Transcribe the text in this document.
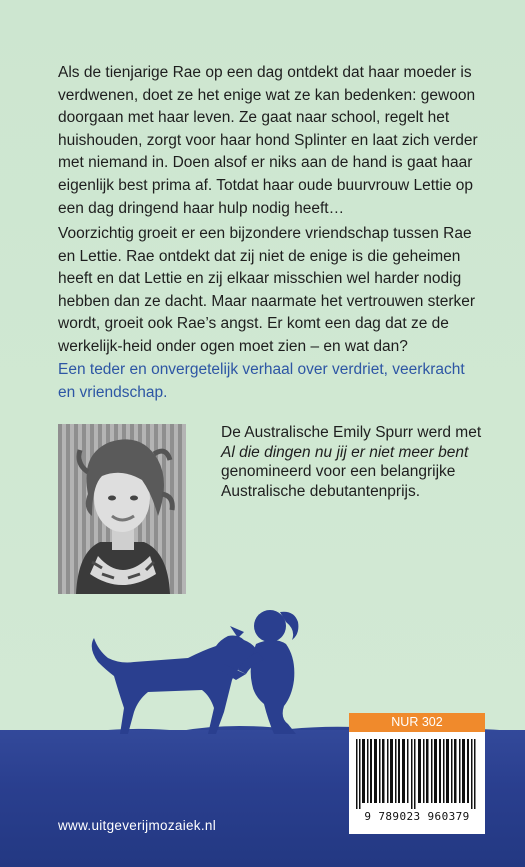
Als de tienjarige Rae op een dag ontdekt dat haar moeder is verdwenen, doet ze het enige wat ze kan bedenken: gewoon doorgaan met haar leven. Ze gaat naar school, regelt het huishouden, zorgt voor haar hond Splinter en laat zich verder met niemand in. Doen alsof er niks aan de hand is gaat haar eigenlijk best prima af. Totdat haar oude buurvrouw Lettie op een dag dringend haar hulp nodig heeft…

Voorzichtig groeit er een bijzondere vriendschap tussen Rae en Lettie. Rae ontdekt dat zij niet de enige is die geheimen heeft en dat Lettie en zij elkaar misschien wel harder nodig hebben dan ze dacht. Maar naarmate het vertrouwen sterker wordt, groeit ook Rae’s angst. Er komt een dag dat ze de werkelijk-heid onder ogen moet zien – en wat dan?

Een teder en onvergetelijk verhaal over verdriet, veerkracht en vriendschap.

De Australische Emily Spurr werd met
Al die dingen nu jij er niet meer bent
genomineerd voor een belangrijke
Australische debutantenprijs.

NUR 302
9 789023 960379
www.uitgeverijmozaiek.nl
